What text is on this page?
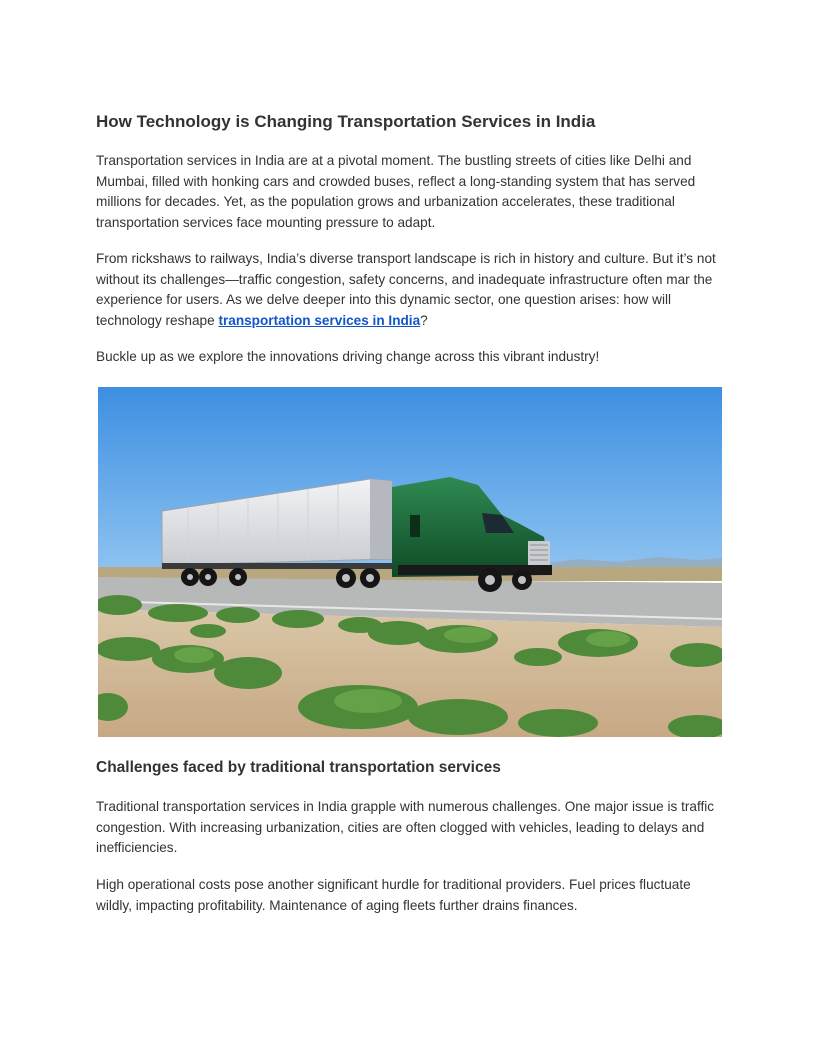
How Technology is Changing Transportation Services in India

Transportation services in India are at a pivotal moment. The bustling streets of cities like Delhi and Mumbai, filled with honking cars and crowded buses, reflect a long-standing system that has served millions for decades. Yet, as the population grows and urbanization accelerates, these traditional transportation services face mounting pressure to adapt.

From rickshaws to railways, India’s diverse transport landscape is rich in history and culture. But it’s not without its challenges—traffic congestion, safety concerns, and inadequate infrastructure often mar the experience for users. As we delve deeper into this dynamic sector, one question arises: how will technology reshape transportation services in India?

Buckle up as we explore the innovations driving change across this vibrant industry!

Challenges faced by traditional transportation services

Traditional transportation services in India grapple with numerous challenges. One major issue is traffic congestion. With increasing urbanization, cities are often clogged with vehicles, leading to delays and inefficiencies.

High operational costs pose another significant hurdle for traditional providers. Fuel prices fluctuate wildly, impacting profitability. Maintenance of aging fleets further drains finances.
